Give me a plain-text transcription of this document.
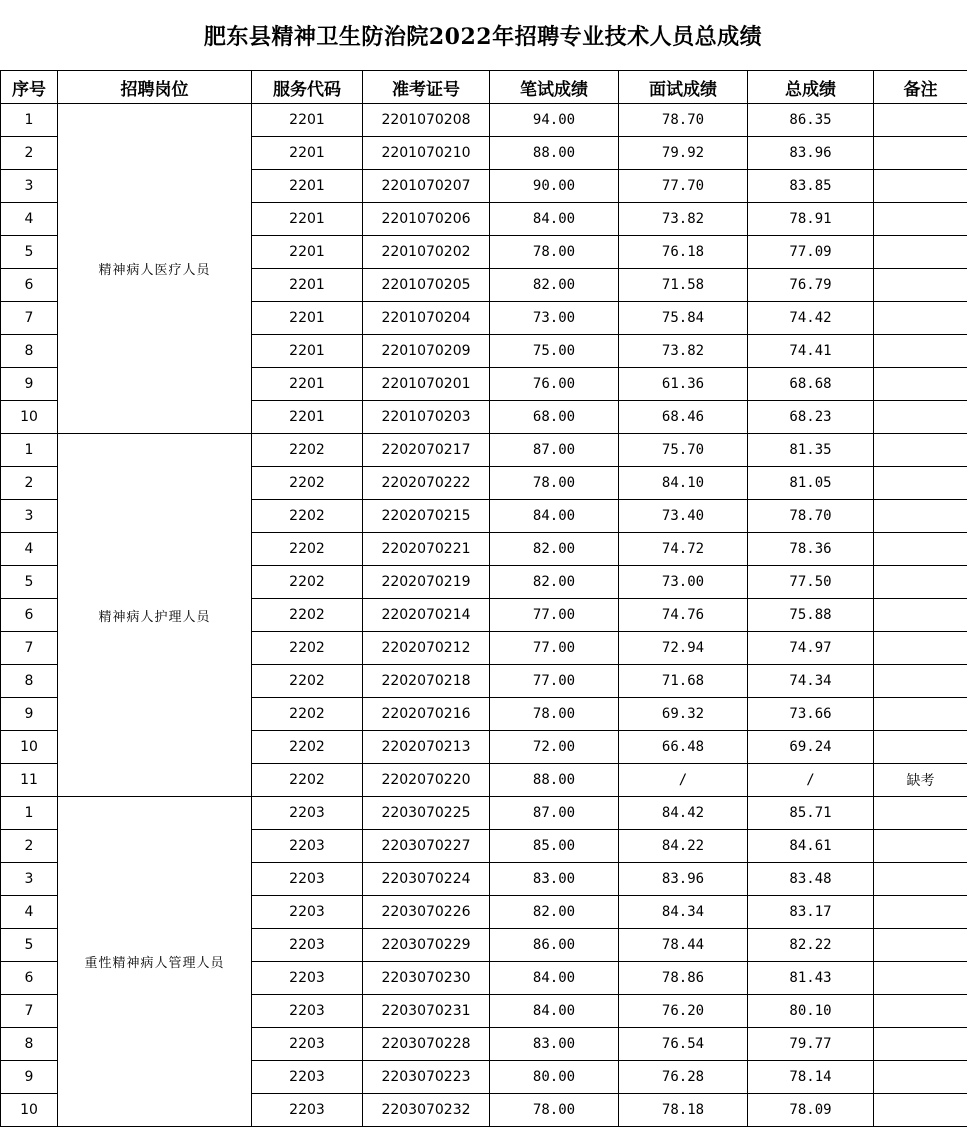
肥东县精神卫生防治院2022年招聘专业技术人员总成绩
序号	招聘岗位	服务代码	准考证号	笔试成绩	面试成绩	总成绩	备注
1	精神病人医疗人员	2201	2201070208	94.00	78.70	86.35	
2		2201	2201070210	88.00	79.92	83.96	
3		2201	2201070207	90.00	77.70	83.85	
4		2201	2201070206	84.00	73.82	78.91	
5		2201	2201070202	78.00	76.18	77.09	
6		2201	2201070205	82.00	71.58	76.79	
7		2201	2201070204	73.00	75.84	74.42	
8		2201	2201070209	75.00	73.82	74.41	
9		2201	2201070201	76.00	61.36	68.68	
10		2201	2201070203	68.00	68.46	68.23	
1	精神病人护理人员	2202	2202070217	87.00	75.70	81.35	
2		2202	2202070222	78.00	84.10	81.05	
3		2202	2202070215	84.00	73.40	78.70	
4		2202	2202070221	82.00	74.72	78.36	
5		2202	2202070219	82.00	73.00	77.50	
6		2202	2202070214	77.00	74.76	75.88	
7		2202	2202070212	77.00	72.94	74.97	
8		2202	2202070218	77.00	71.68	74.34	
9		2202	2202070216	78.00	69.32	73.66	
10		2202	2202070213	72.00	66.48	69.24	
11		2202	2202070220	88.00	/	/	缺考
1	重性精神病人管理人员	2203	2203070225	87.00	84.42	85.71	
2		2203	2203070227	85.00	84.22	84.61	
3		2203	2203070224	83.00	83.96	83.48	
4		2203	2203070226	82.00	84.34	83.17	
5		2203	2203070229	86.00	78.44	82.22	
6		2203	2203070230	84.00	78.86	81.43	
7		2203	2203070231	84.00	76.20	80.10	
8		2203	2203070228	83.00	76.54	79.77	
9		2203	2203070223	80.00	76.28	78.14	
10		2203	2203070232	78.00	78.18	78.09	
